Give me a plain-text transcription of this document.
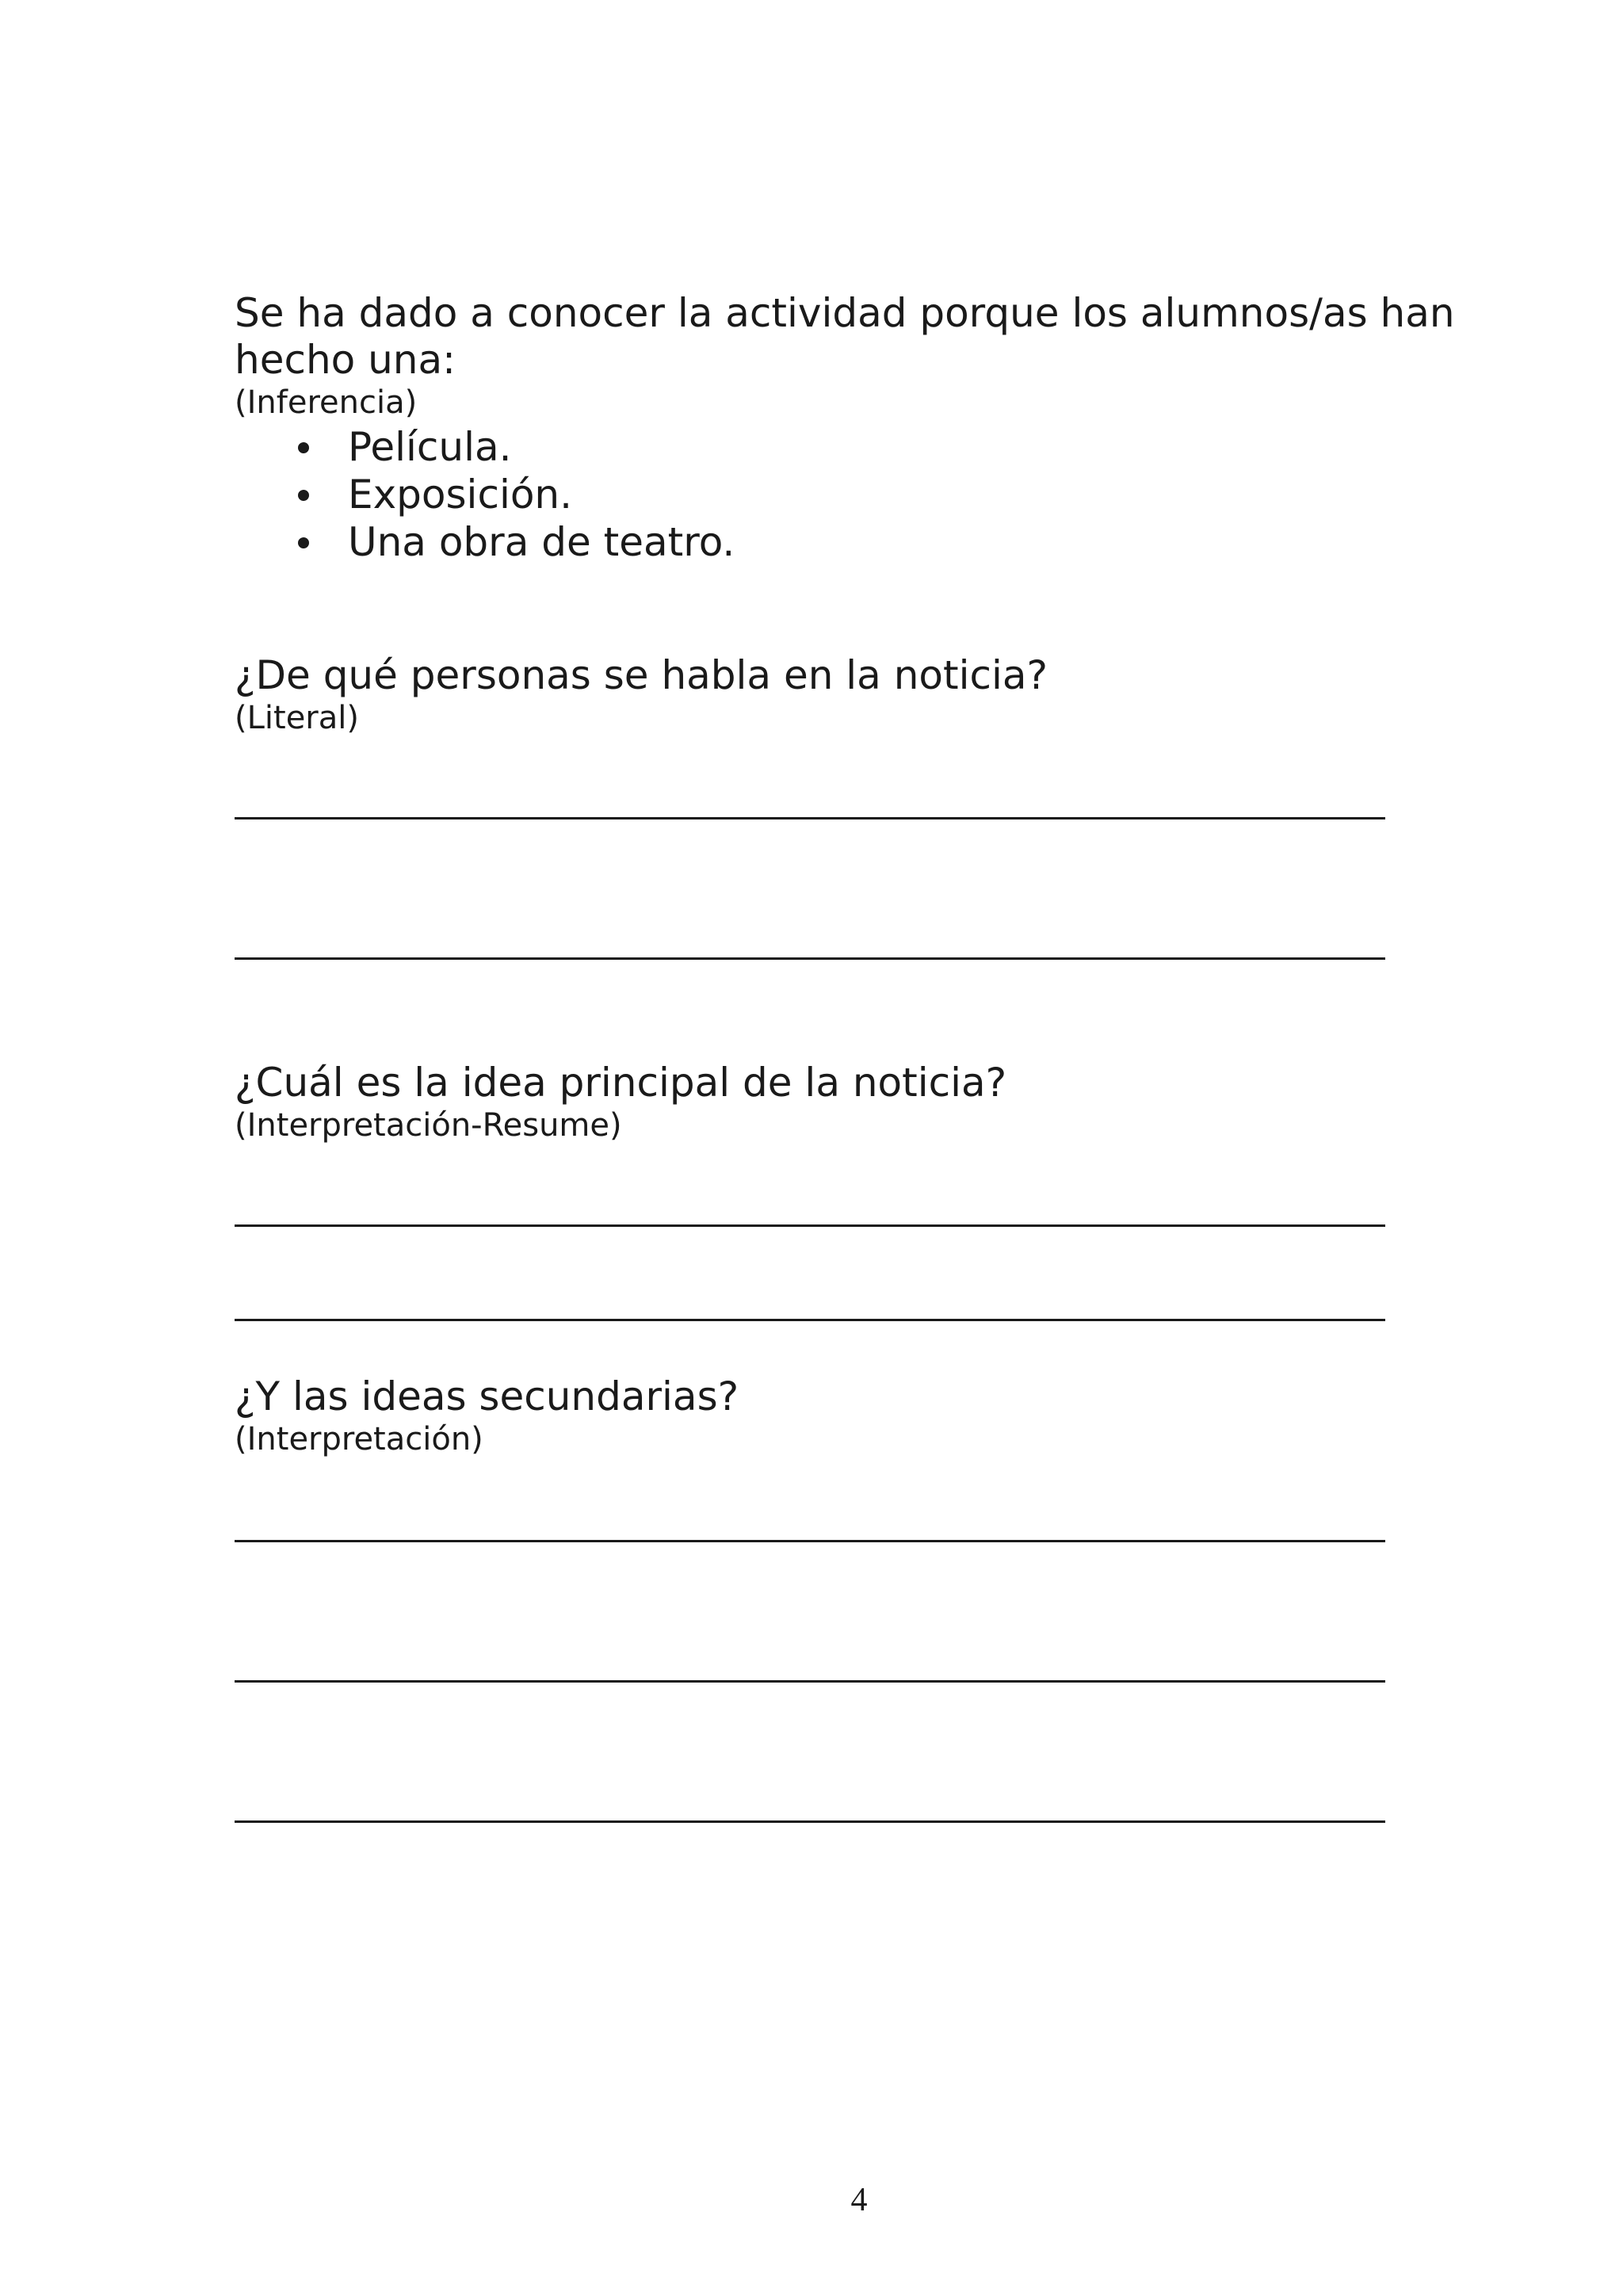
Se ha dado a conocer la actividad porque los alumnos/as han
hecho una:
(Inferencia)
Película.
Exposición.
Una obra de teatro.
¿De qué personas se habla en la noticia?
(Literal)
¿Cuál es la idea principal de la noticia?
(Interpretación-Resume)
¿Y las ideas secundarias?
(Interpretación)
4
